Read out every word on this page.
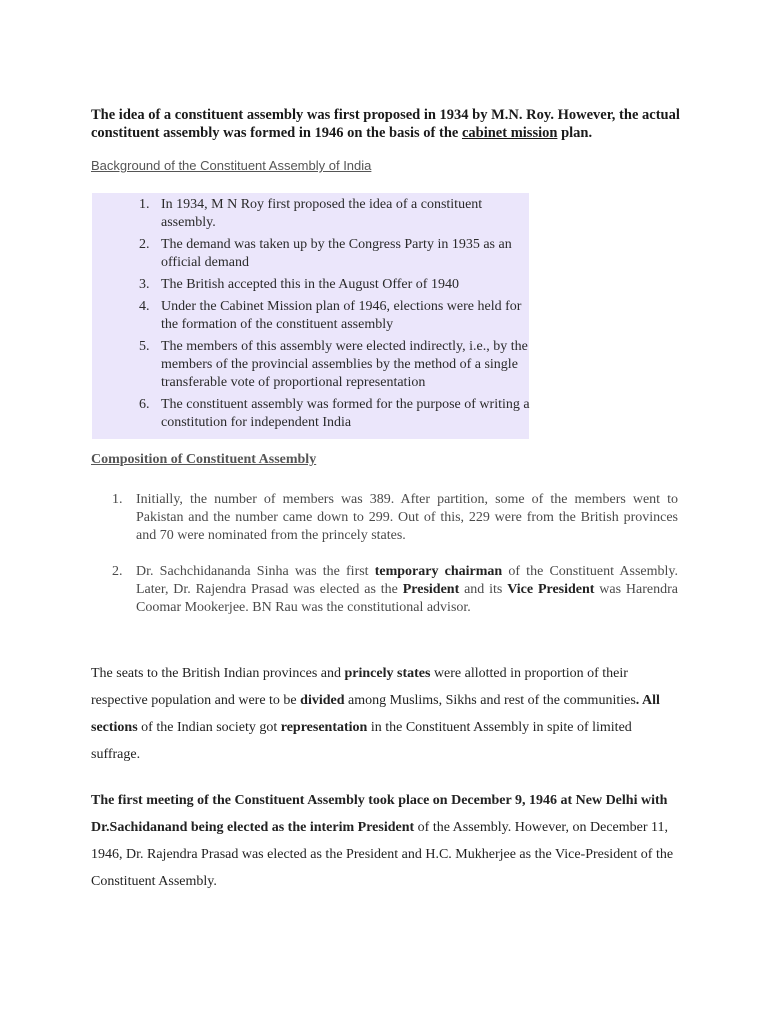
The idea of a constituent assembly was first proposed in 1934 by M.N. Roy. However, the actual constituent assembly was formed in 1946 on the basis of the cabinet mission plan.

Background of the Constituent Assembly of India

1. In 1934, M N Roy first proposed the idea of a constituent assembly.
2. The demand was taken up by the Congress Party in 1935 as an official demand
3. The British accepted this in the August Offer of 1940
4. Under the Cabinet Mission plan of 1946, elections were held for the formation of the constituent assembly
5. The members of this assembly were elected indirectly, i.e., by the members of the provincial assemblies by the method of a single transferable vote of proportional representation
6. The constituent assembly was formed for the purpose of writing a constitution for independent India

Composition of Constituent Assembly

1. Initially, the number of members was 389. After partition, some of the members went to Pakistan and the number came down to 299. Out of this, 229 were from the British provinces and 70 were nominated from the princely states.
2. Dr. Sachchidananda Sinha was the first temporary chairman of the Constituent Assembly. Later, Dr. Rajendra Prasad was elected as the President and its Vice President was Harendra Coomar Mookerjee. BN Rau was the constitutional advisor.

The seats to the British Indian provinces and princely states were allotted in proportion of their respective population and were to be divided among Muslims, Sikhs and rest of the communities. All sections of the Indian society got representation in the Constituent Assembly in spite of limited suffrage.

The first meeting of the Constituent Assembly took place on December 9, 1946 at New Delhi with Dr.Sachidanand being elected as the interim President of the Assembly. However, on December 11, 1946, Dr. Rajendra Prasad was elected as the President and H.C. Mukherjee as the Vice-President of the Constituent Assembly.
